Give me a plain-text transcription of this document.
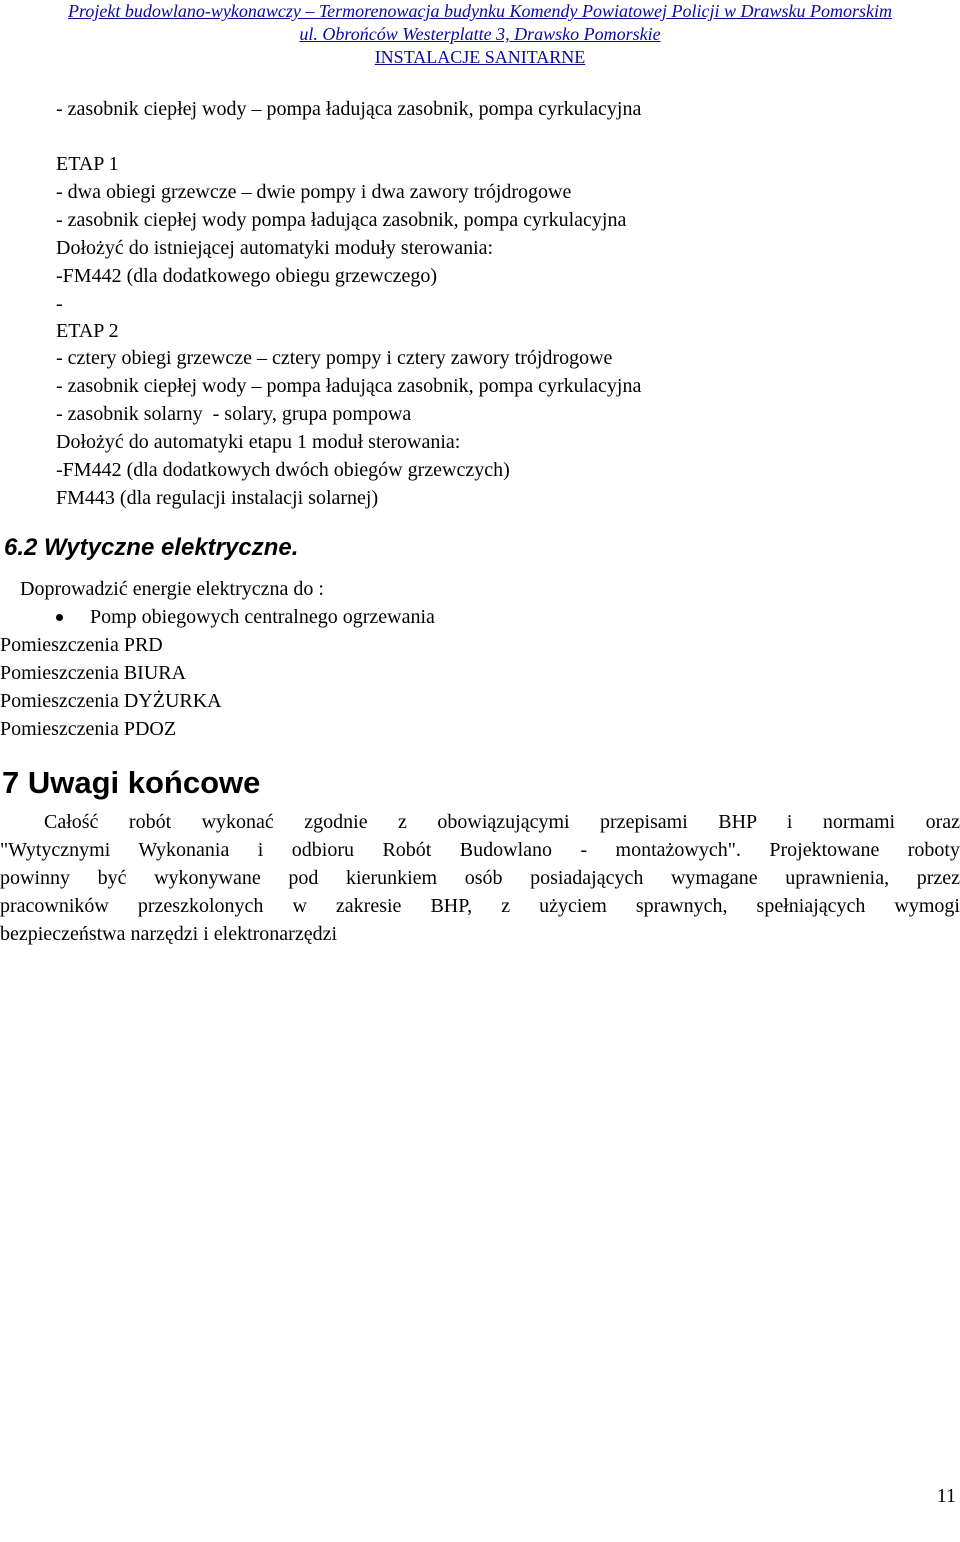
Projekt budowlano-wykonawczy – Termorenowacja budynku Komendy Powiatowej Policji w Drawsku Pomorskim
ul. Obrońców Westerplatte 3, Drawsko Pomorskie
INSTALACJE SANITARNE
- zasobnik ciepłej wody – pompa ładująca zasobnik, pompa cyrkulacyjna
ETAP 1
- dwa obiegi grzewcze – dwie pompy i dwa zawory trójdrogowe
- zasobnik ciepłej wody pompa ładująca zasobnik, pompa cyrkulacyjna
Dołożyć do istniejącej automatyki moduły sterowania:
-FM442 (dla dodatkowego obiegu grzewczego)
-
ETAP 2
- cztery obiegi grzewcze – cztery pompy i cztery zawory trójdrogowe
- zasobnik ciepłej wody – pompa ładująca zasobnik, pompa cyrkulacyjna
- zasobnik solarny  - solary, grupa pompowa
Dołożyć do automatyki etapu 1 moduł sterowania:
-FM442 (dla dodatkowych dwóch obiegów grzewczych)
FM443 (dla regulacji instalacji solarnej)
6.2 Wytyczne elektryczne.
Doprowadzić energie elektryczna do :

Pomp obiegowych centralnego ogrzewania

Pomieszczenia PRD
Pomieszczenia BIURA
Pomieszczenia DYŻURKA
Pomieszczenia PDOZ
7 Uwagi końcowe
Całość robót wykonać zgodnie z obowiązującymi przepisami BHP i normami oraz
"Wytycznymi Wykonania i odbioru Robót Budowlano - montażowych". Projektowane roboty
powinny być wykonywane pod kierunkiem osób posiadających wymagane uprawnienia, przez
pracowników przeszkolonych w zakresie BHP, z użyciem sprawnych, spełniających wymogi
bezpieczeństwa narzędzi i elektronarzędzi
11
